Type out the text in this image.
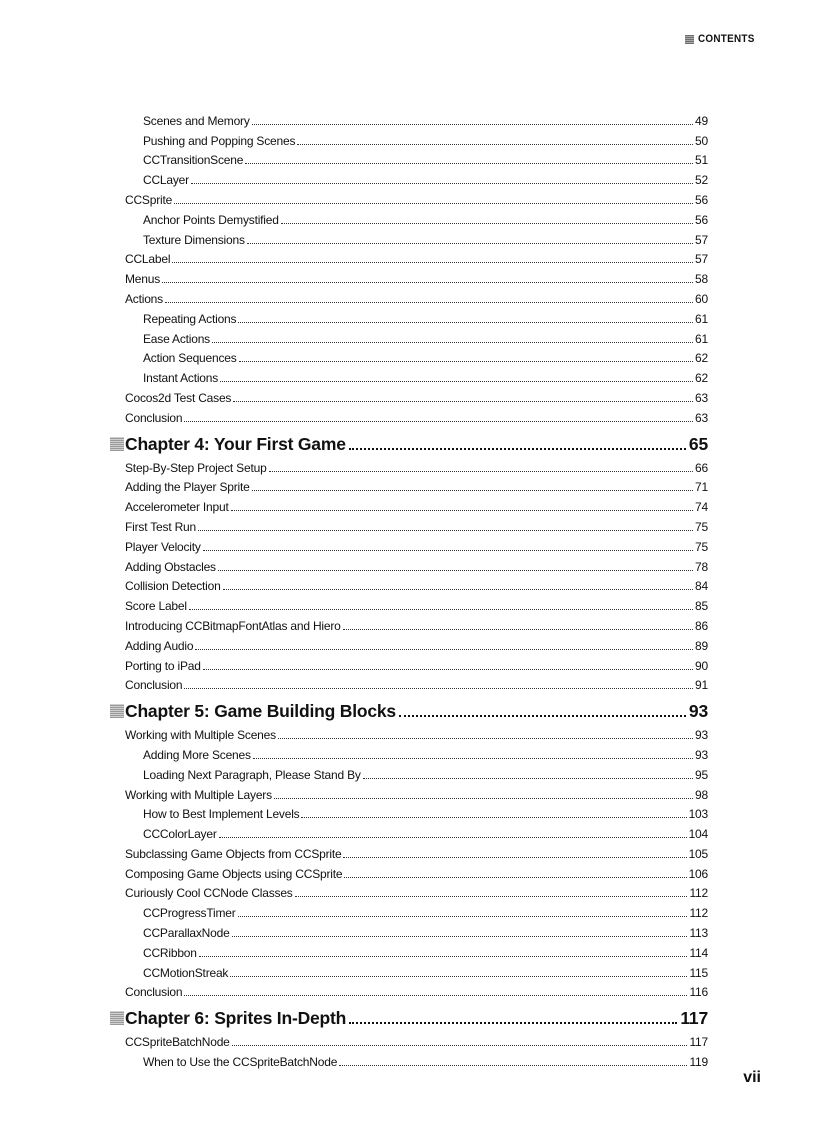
CONTENTS
Scenes and Memory	49
Pushing and Popping Scenes	50
CCTransitionScene	51
CCLayer	52
CCSprite	56
Anchor Points Demystified	56
Texture Dimensions	57
CCLabel	57
Menus	58
Actions	60
Repeating Actions	61
Ease Actions	61
Action Sequences	62
Instant Actions	62
Cocos2d Test Cases	63
Conclusion	63
Chapter 4: Your First Game	65
Step-By-Step Project Setup	66
Adding the Player Sprite	71
Accelerometer Input	74
First Test Run	75
Player Velocity	75
Adding Obstacles	78
Collision Detection	84
Score Label	85
Introducing CCBitmapFontAtlas and Hiero	86
Adding Audio	89
Porting to iPad	90
Conclusion	91
Chapter 5: Game Building Blocks	93
Working with Multiple Scenes	93
Adding More Scenes	93
Loading Next Paragraph, Please Stand By	95
Working with Multiple Layers	98
How to Best Implement Levels	103
CCColorLayer	104
Subclassing Game Objects from CCSprite	105
Composing Game Objects using CCSprite	106
Curiously Cool CCNode Classes	112
CCProgressTimer	112
CCParallaxNode	113
CCRibbon	114
CCMotionStreak	115
Conclusion	116
Chapter 6: Sprites In-Depth	117
CCSpriteBatchNode	117
When to Use the CCSpriteBatchNode	119
vii
